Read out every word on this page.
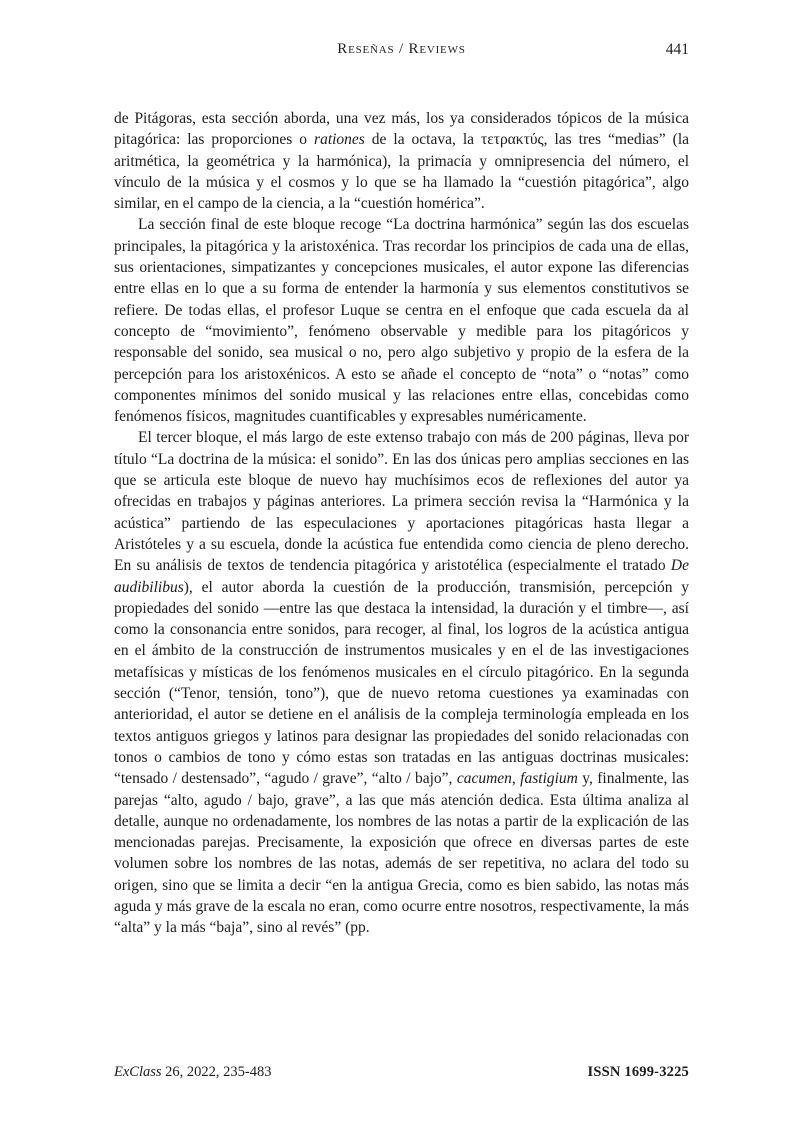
Reseñas / Reviews	441

de Pitágoras, esta sección aborda, una vez más, los ya considerados tópicos de la música pitagórica: las proporciones o rationes de la octava, la τετρακτύς, las tres “medias” (la aritmética, la geométrica y la harmónica), la primacía y omnipresencia del número, el vínculo de la música y el cosmos y lo que se ha llamado la “cuestión pitagórica”, algo similar, en el campo de la ciencia, a la “cuestión homérica”.

La sección final de este bloque recoge “La doctrina harmónica” según las dos escuelas principales, la pitagórica y la aristoxénica. Tras recordar los principios de cada una de ellas, sus orientaciones, simpatizantes y concepciones musicales, el autor expone las diferencias entre ellas en lo que a su forma de entender la harmonía y sus elementos constitutivos se refiere. De todas ellas, el profesor Luque se centra en el enfoque que cada escuela da al concepto de “movimiento”, fenómeno observable y medible para los pitagóricos y responsable del sonido, sea musical o no, pero algo subjetivo y propio de la esfera de la percepción para los aristoxénicos. A esto se añade el concepto de “nota” o “notas” como componentes mínimos del sonido musical y las relaciones entre ellas, concebidas como fenómenos físicos, magnitudes cuantificables y expresables numéricamente.

El tercer bloque, el más largo de este extenso trabajo con más de 200 páginas, lleva por título “La doctrina de la música: el sonido”. En las dos únicas pero amplias secciones en las que se articula este bloque de nuevo hay muchísimos ecos de reflexiones del autor ya ofrecidas en trabajos y páginas anteriores. La primera sección revisa la “Harmónica y la acústica” partiendo de las especulaciones y aportaciones pitagóricas hasta llegar a Aristóteles y a su escuela, donde la acústica fue entendida como ciencia de pleno derecho. En su análisis de textos de tendencia pitagórica y aristotélica (especialmente el tratado De audibilibus), el autor aborda la cuestión de la producción, transmisión, percepción y propiedades del sonido —entre las que destaca la intensidad, la duración y el timbre—, así como la consonancia entre sonidos, para recoger, al final, los logros de la acústica antigua en el ámbito de la construcción de instrumentos musicales y en el de las investigaciones metafísicas y místicas de los fenómenos musicales en el círculo pitagórico. En la segunda sección (“Tenor, tensión, tono”), que de nuevo retoma cuestiones ya examinadas con anterioridad, el autor se detiene en el análisis de la compleja terminología empleada en los textos antiguos griegos y latinos para designar las propiedades del sonido relacionadas con tonos o cambios de tono y cómo estas son tratadas en las antiguas doctrinas musicales: “tensado / destensado”, “agudo / grave”, “alto / bajo”, cacumen, fastigium y, finalmente, las parejas “alto, agudo / bajo, grave”, a las que más atención dedica. Esta última analiza al detalle, aunque no ordenadamente, los nombres de las notas a partir de la explicación de las mencionadas parejas. Precisamente, la exposición que ofrece en diversas partes de este volumen sobre los nombres de las notas, además de ser repetitiva, no aclara del todo su origen, sino que se limita a decir “en la antigua Grecia, como es bien sabido, las notas más aguda y más grave de la escala no eran, como ocurre entre nosotros, respectivamente, la más “alta” y la más “baja”, sino al revés” (pp.

ExClass 26, 2022, 235-483	ISSN 1699-3225
